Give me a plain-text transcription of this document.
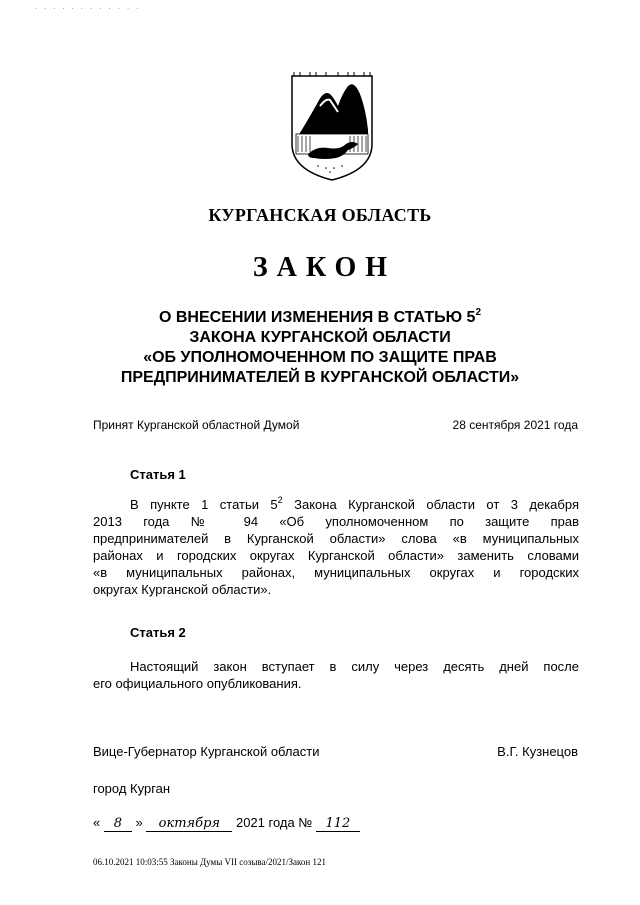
. . . . . . . . . . . .
КУРГАНСКАЯ ОБЛАСТЬ
ЗАКОН
О ВНЕСЕНИИ ИЗМЕНЕНИЯ В СТАТЬЮ $5^2$
ЗАКОНА КУРГАНСКОЙ ОБЛАСТИ
«ОБ УПОЛНОМОЧЕННОМ ПО ЗАЩИТЕ ПРАВ
ПРЕДПРИНИМАТЕЛЕЙ В КУРГАНСКОЙ ОБЛАСТИ»
Принят Курганской областной Думой	28 сентября 2021 года
Статья 1
В пункте 1 статьи $5^2$ Закона Курганской области от 3 декабря
2013 года № 94 «Об уполномоченном по защите прав
предпринимателей в Курганской области» слова «в муниципальных
районах и городских округах Курганской области» заменить словами
«в муниципальных районах, муниципальных округах и городских
округах Курганской области».
Статья 2
Настоящий закон вступает в силу через десять дней после
его официального опубликования.
Вице-Губернатор Курганской области	В.Г. Кузнецов
город Курган
« 8 » октября 2021 года № 112
06.10.2021 10:03:55 Законы Думы VII созыва/2021/Закон 121
